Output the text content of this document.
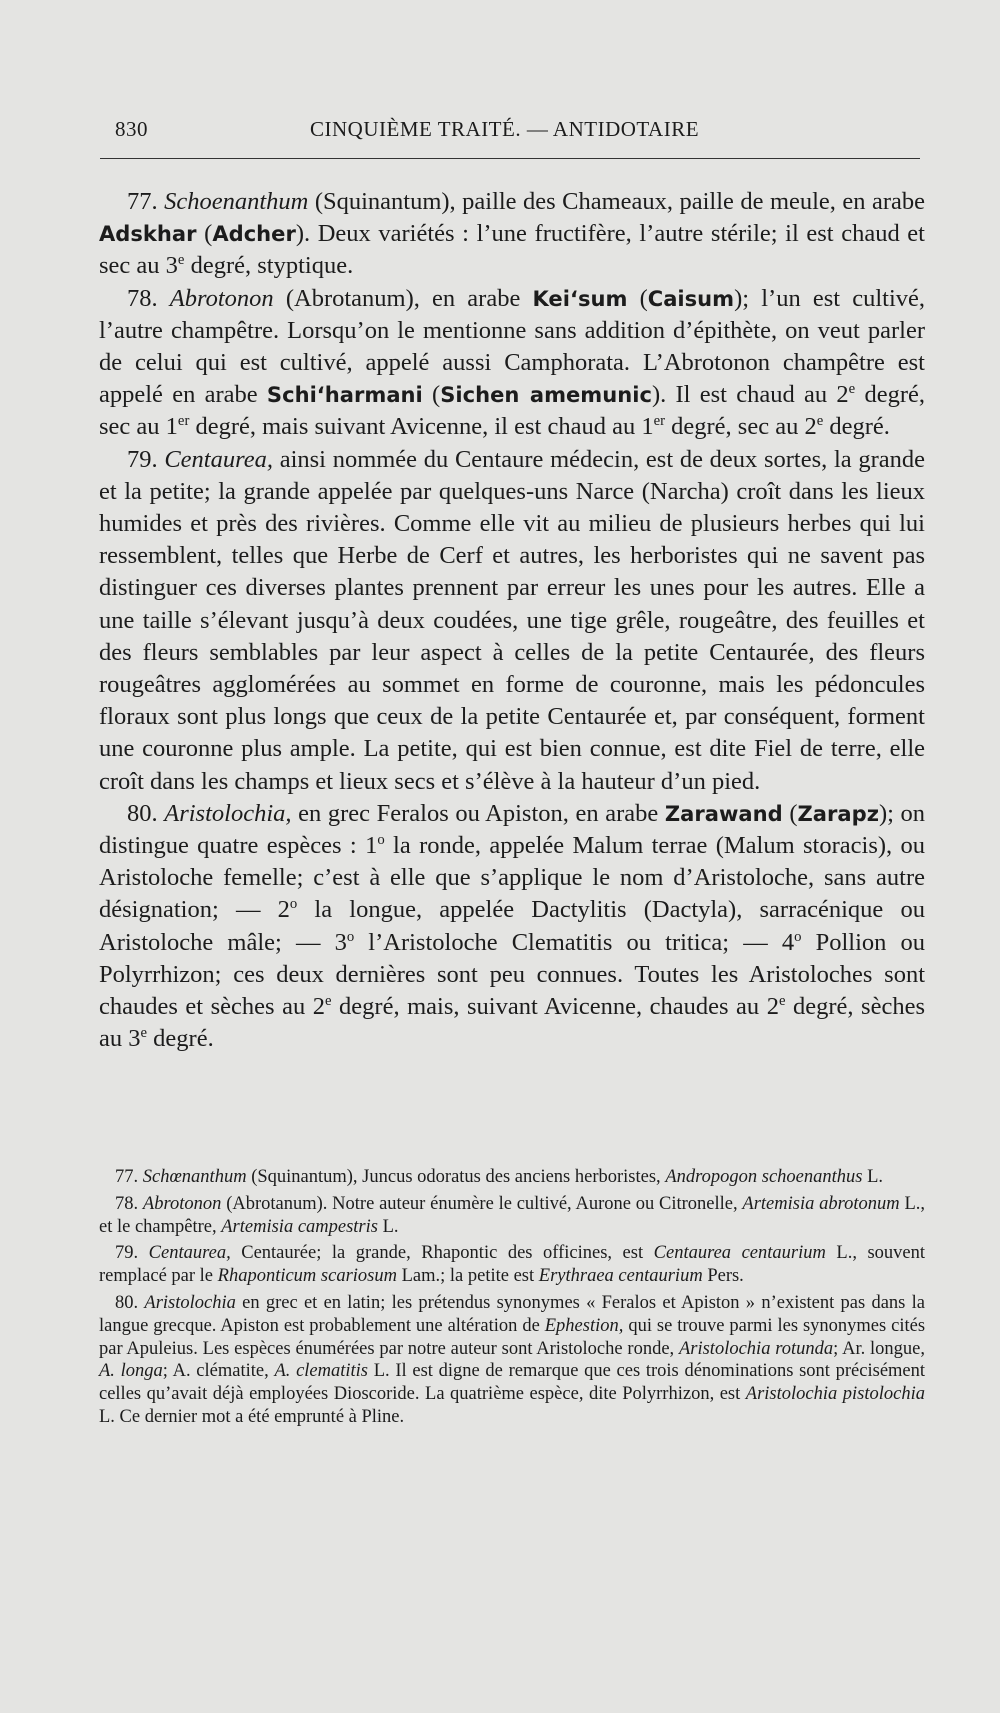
830	CINQUIÈME TRAITÉ. — ANTIDOTAIRE

77. Schoenanthum (Squinantum), paille des Chameaux, paille de meule, en arabe Adskhar (Adcher). Deux variétés : l’une fructifère, l’autre stérile; il est chaud et sec au 3e degré, styptique.

78. Abrotonon (Abrotanum), en arabe Kei‘sum (Caisum); l’un est cultivé, l’autre champêtre. Lorsqu’on le mentionne sans addition d’épithète, on veut parler de celui qui est cultivé, appelé aussi Camphorata. L’Abrotonon champêtre est appelé en arabe Schi‘harmani (Sichen amemunic). Il est chaud au 2e degré, sec au 1er degré, mais suivant Avicenne, il est chaud au 1er degré, sec au 2e degré.

79. Centaurea, ainsi nommée du Centaure médecin, est de deux sortes, la grande et la petite; la grande appelée par quelques-uns Narce (Narcha) croît dans les lieux humides et près des rivières. Comme elle vit au milieu de plusieurs herbes qui lui ressemblent, telles que Herbe de Cerf et autres, les herboristes qui ne savent pas distinguer ces diverses plantes prennent par erreur les unes pour les autres. Elle a une taille s’élevant jusqu’à deux coudées, une tige grêle, rougeâtre, des feuilles et des fleurs semblables par leur aspect à celles de la petite Centaurée, des fleurs rougeâtres agglomérées au sommet en forme de couronne, mais les pédoncules floraux sont plus longs que ceux de la petite Centaurée et, par conséquent, forment une couronne plus ample. La petite, qui est bien connue, est dite Fiel de terre, elle croît dans les champs et lieux secs et s’élève à la hauteur d’un pied.

80. Aristolochia, en grec Feralos ou Apiston, en arabe Zarawand (Zarapz); on distingue quatre espèces : 1$^o$ la ronde, appelée Malum terrae (Malum storacis), ou Aristoloche femelle; c’est à elle que s’applique le nom d’Aristoloche, sans autre désignation; — 2$^o$ la longue, appelée Dactylitis (Dactyla), sarracénique ou Aristoloche mâle; — 3$^o$ l’Aristoloche Clematitis ou tritica; — 4$^o$ Pollion ou Polyrrhizon; ces deux dernières sont peu connues. Toutes les Aristoloches sont chaudes et sèches au 2e degré, mais, suivant Avicenne, chaudes au 2e degré, sèches au 3e degré.

77. Schœnanthum (Squinantum), Juncus odoratus des anciens herboristes, Andropogon schoenanthus L.

78. Abrotonon (Abrotanum). Notre auteur énumère le cultivé, Aurone ou Citronelle, Artemisia abrotonum L., et le champêtre, Artemisia campestris L.

79. Centaurea, Centaurée; la grande, Rhapontic des officines, est Centaurea centaurium L., souvent remplacé par le Rhaponticum scariosum Lam.; la petite est Erythraea centaurium Pers.

80. Aristolochia en grec et en latin; les prétendus synonymes « Feralos et Apiston » n’existent pas dans la langue grecque. Apiston est probablement une altération de Ephestion, qui se trouve parmi les synonymes cités par Apuleius. Les espèces énumérées par notre auteur sont Aristoloche ronde, Aristolochia rotunda; Ar. longue, A. longa; A. clématite, A. clematitis L. Il est digne de remarque que ces trois dénominations sont précisément celles qu’avait déjà employées Dioscoride. La quatrième espèce, dite Polyrrhizon, est Aristolochia pistolochia L. Ce dernier mot a été emprunté à Pline.
